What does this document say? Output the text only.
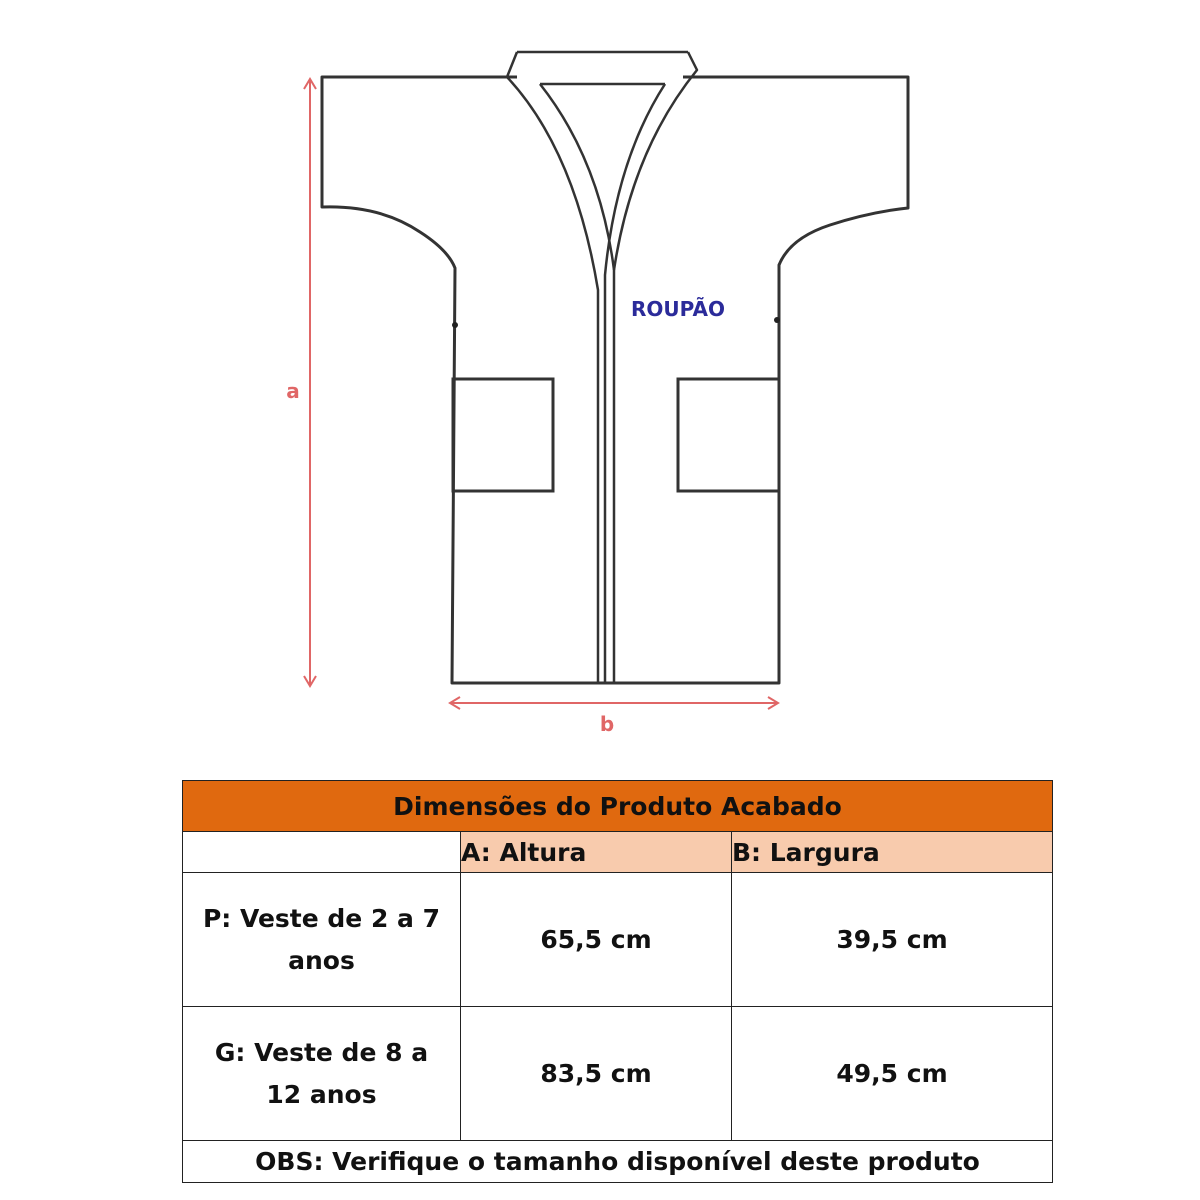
ROUPÃO
a
b
Dimensões do Produto Acabado		
	A: Altura	B: Largura
P: Veste de 2 a 7 anos	65,5 cm	39,5 cm
G: Veste de 8 a 12 anos	83,5 cm	49,5 cm
OBS: Verifique o tamanho disponível deste produto		
